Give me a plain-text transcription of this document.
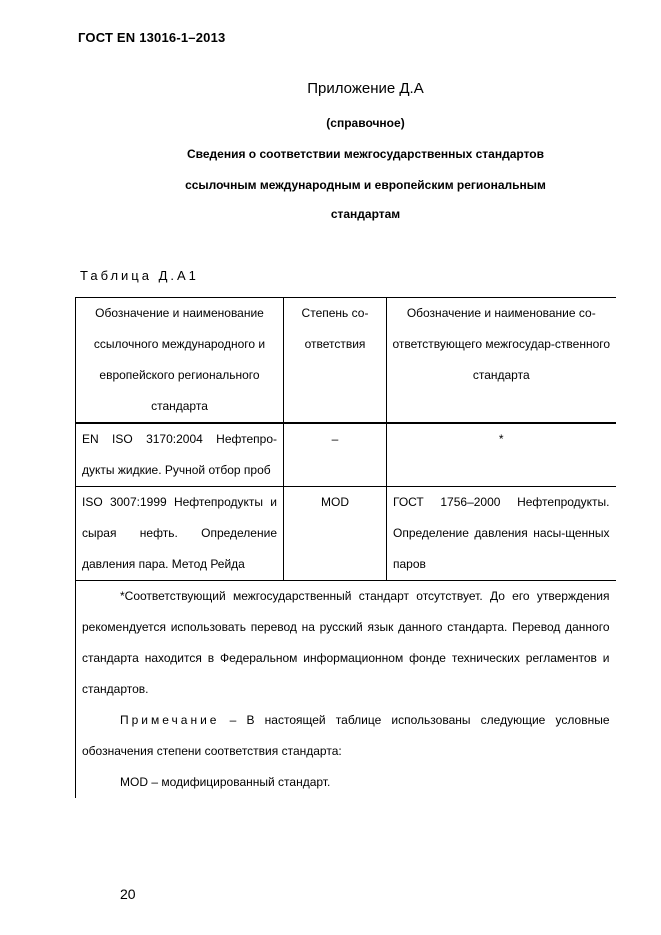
ГОСТ EN 13016-1–2013
Приложение Д.А
(справочное)
Сведения о соответствии межгосударственных стандартов
ссылочным международным и европейским региональным
стандартам
Таблица Д.А1
Обозначение и наименование ссылочного международного и европейского регионального стандарта	Степень со-ответствия	Обозначение и наименование со-ответствующего межгосудар-ственного стандарта
EN ISO 3170:2004 Нефтепро-дукты жидкие. Ручной отбор проб	–	*
ISO 3007:1999 Нефтепродукты и сырая нефть. Определение давления пара. Метод Рейда	MOD	ГОСТ 1756–2000 Нефтепродукты. Определение давления насы-щенных паров

*Соответствующий межгосударственный стандарт отсутствует. До его утверждения рекомендуется использовать перевод на русский язык данного стандарта. Перевод данного стандарта находится в Федеральном информационном фонде технических регламентов и стандартов.

Примечание – В настоящей таблице использованы следующие условные обозначения степени соответствия стандарта:

MOD – модифицированный стандарт.		

20
